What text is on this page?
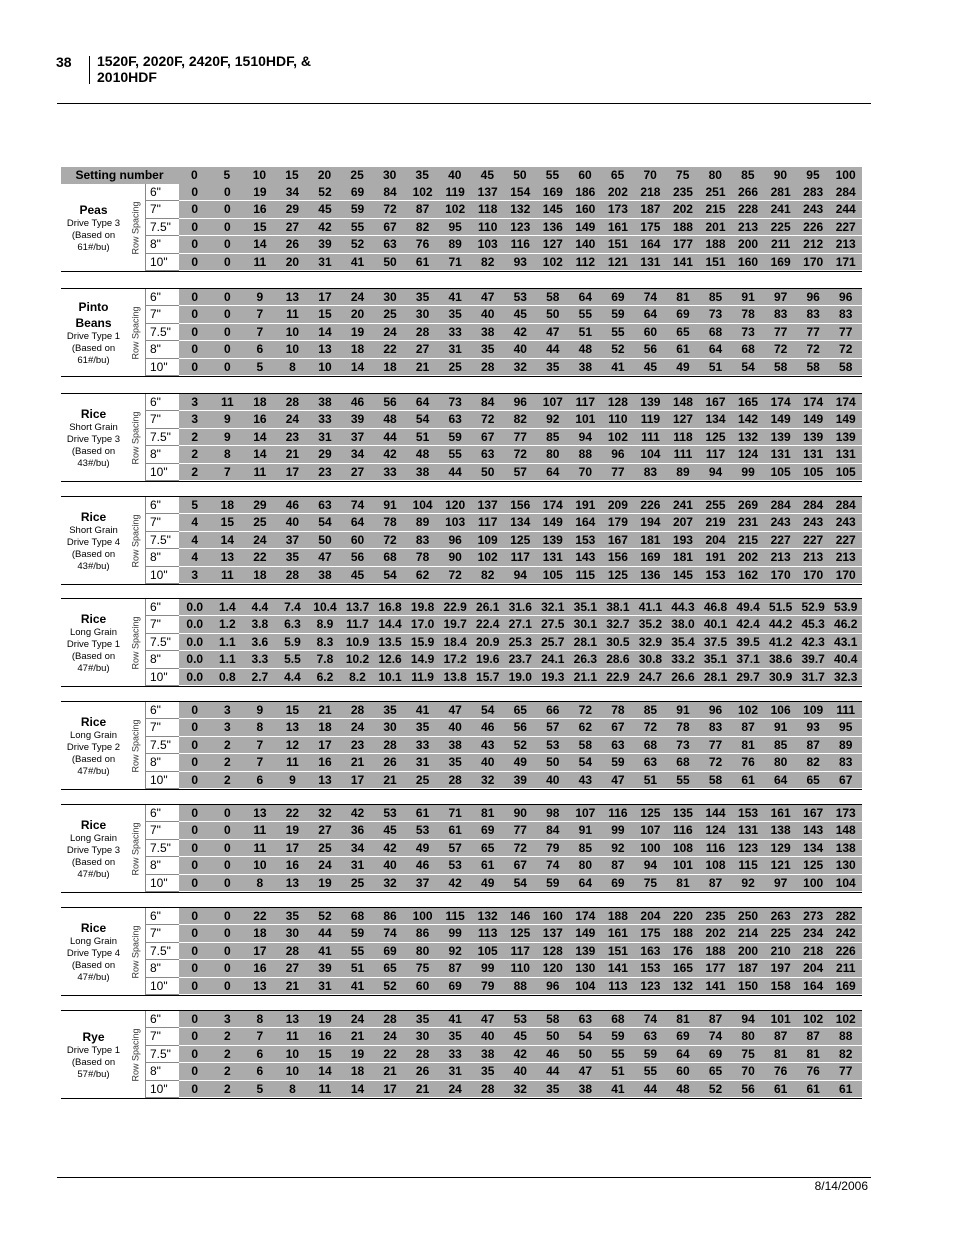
38 1520F, 2020F, 2420F, 1510HDF, &
2010HDF
Setting number	0	5	10	15	20	25	30	35	40	45	50	55	60	65	70	75	80	85	90	95	100
Peas
Drive Type 3
(Based on
61#/bu) Row Spacing
6"	0	0	19	34	52	69	84	102	119	137	154	169	186	202	218	235	251	266	281	283	284
7"	0	0	16	29	45	59	72	87	102	118	132	145	160	173	187	202	215	228	241	243	244
7.5"	0	0	15	27	42	55	67	82	95	110	123	136	149	161	175	188	201	213	225	226	227
8"	0	0	14	26	39	52	63	76	89	103	116	127	140	151	164	177	188	200	211	212	213
10"	0	0	11	20	31	41	50	61	71	82	93	102	112	121	131	141	151	160	169	170	171
Pinto Beans
Drive Type 1
(Based on
61#/bu)
Row Spacing
6"	0	0	9	13	17	24	30	35	41	47	53	58	64	69	74	81	85	91	97	96	96
7"	0	0	7	11	15	20	25	30	35	40	45	50	55	59	64	69	73	78	83	83	83
7.5"	0	0	7	10	14	19	24	28	33	38	42	47	51	55	60	65	68	73	77	77	77
8"	0	0	6	10	13	18	22	27	31	35	40	44	48	52	56	61	64	68	72	72	72
10"	0	0	5	8	10	14	18	21	25	28	32	35	38	41	45	49	51	54	58	58	58
Rice
Short Grain
Drive Type 3
(Based on
43#/bu) Row Spacing
6"	3	11	18	28	38	46	56	64	73	84	96	107	117	128	139	148	167	165	174	174	174
7"	3	9	16	24	33	39	48	54	63	72	82	92	101	110	119	127	134	142	149	149	149
7.5"	2	9	14	23	31	37	44	51	59	67	77	85	94	102	111	118	125	132	139	139	139
8"	2	8	14	21	29	34	42	48	55	63	72	80	88	96	104	111	117	124	131	131	131
10"	2	7	11	17	23	27	33	38	44	50	57	64	70	77	83	89	94	99	105	105	105
Rice
Short Grain
Drive Type 4
(Based on
43#/bu) Row Spacing
6"	5	18	29	46	63	74	91	104	120	137	156	174	191	209	226	241	255	269	284	284	284
7"	4	15	25	40	54	64	78	89	103	117	134	149	164	179	194	207	219	231	243	243	243
7.5"	4	14	24	37	50	60	72	83	96	109	125	139	153	167	181	193	204	215	227	227	227
8"	4	13	22	35	47	56	68	78	90	102	117	131	143	156	169	181	191	202	213	213	213
10"	3	11	18	28	38	45	54	62	72	82	94	105	115	125	136	145	153	162	170	170	170
Rice
Long Grain
Drive Type 1
(Based on
47#/bu) Row Spacing
6"	0.0	1.4	4.4	7.4	10.4	13.7	16.8	19.8	22.9	26.1	31.6	32.1	35.1	38.1	41.1	44.3	46.8	49.4	51.5	52.9	53.9
7"	0.0	1.2	3.8	6.3	8.9	11.7	14.4	17.0	19.7	22.4	27.1	27.5	30.1	32.7	35.2	38.0	40.1	42.4	44.2	45.3	46.2
7.5"	0.0	1.1	3.6	5.9	8.3	10.9	13.5	15.9	18.4	20.9	25.3	25.7	28.1	30.5	32.9	35.4	37.5	39.5	41.2	42.3	43.1
8"	0.0	1.1	3.3	5.5	7.8	10.2	12.6	14.9	17.2	19.6	23.7	24.1	26.3	28.6	30.8	33.2	35.1	37.1	38.6	39.7	40.4
10"	0.0	0.8	2.7	4.4	6.2	8.2	10.1	11.9	13.8	15.7	19.0	19.3	21.1	22.9	24.7	26.6	28.1	29.7	30.9	31.7	32.3
Rice
Long Grain
Drive Type 2
(Based on
47#/bu) Row Spacing
6"	0	3	9	15	21	28	35	41	47	54	65	66	72	78	85	91	96	102	106	109	111
7"	0	3	8	13	18	24	30	35	40	46	56	57	62	67	72	78	83	87	91	93	95
7.5"	0	2	7	12	17	23	28	33	38	43	52	53	58	63	68	73	77	81	85	87	89
8"	0	2	7	11	16	21	26	31	35	40	49	50	54	59	63	68	72	76	80	82	83
10"	0	2	6	9	13	17	21	25	28	32	39	40	43	47	51	55	58	61	64	65	67
Rice
Long Grain
Drive Type 3
(Based on
47#/bu) Row Spacing
6"	0	0	13	22	32	42	53	61	71	81	90	98	107	116	125	135	144	153	161	167	173
7"	0	0	11	19	27	36	45	53	61	69	77	84	91	99	107	116	124	131	138	143	148
7.5"	0	0	11	17	25	34	42	49	57	65	72	79	85	92	100	108	116	123	129	134	138
8"	0	0	10	16	24	31	40	46	53	61	67	74	80	87	94	101	108	115	121	125	130
10"	0	0	8	13	19	25	32	37	42	49	54	59	64	69	75	81	87	92	97	100	104
Rice
Long Grain
Drive Type 4
(Based on
47#/bu) Row Spacing
6"	0	0	22	35	52	68	86	100	115	132	146	160	174	188	204	220	235	250	263	273	282
7"	0	0	18	30	44	59	74	86	99	113	125	137	149	161	175	188	202	214	225	234	242
7.5"	0	0	17	28	41	55	69	80	92	105	117	128	139	151	163	176	188	200	210	218	226
8"	0	0	16	27	39	51	65	75	87	99	110	120	130	141	153	165	177	187	197	204	211
10"	0	0	13	21	31	41	52	60	69	79	88	96	104	113	123	132	141	150	158	164	169
Rye
Drive Type 1
(Based on
57#/bu) Row Spacing
6"	0	3	8	13	19	24	28	35	41	47	53	58	63	68	74	81	87	94	101	102	102
7"	0	2	7	11	16	21	24	30	35	40	45	50	54	59	63	69	74	80	87	87	88
7.5"	0	2	6	10	15	19	22	28	33	38	42	46	50	55	59	64	69	75	81	81	82
8"	0	2	6	10	14	18	21	26	31	35	40	44	47	51	55	60	65	70	76	76	77
10"	0	2	5	8	11	14	17	21	24	28	32	35	38	41	44	48	52	56	61	61	61
8/14/2006
